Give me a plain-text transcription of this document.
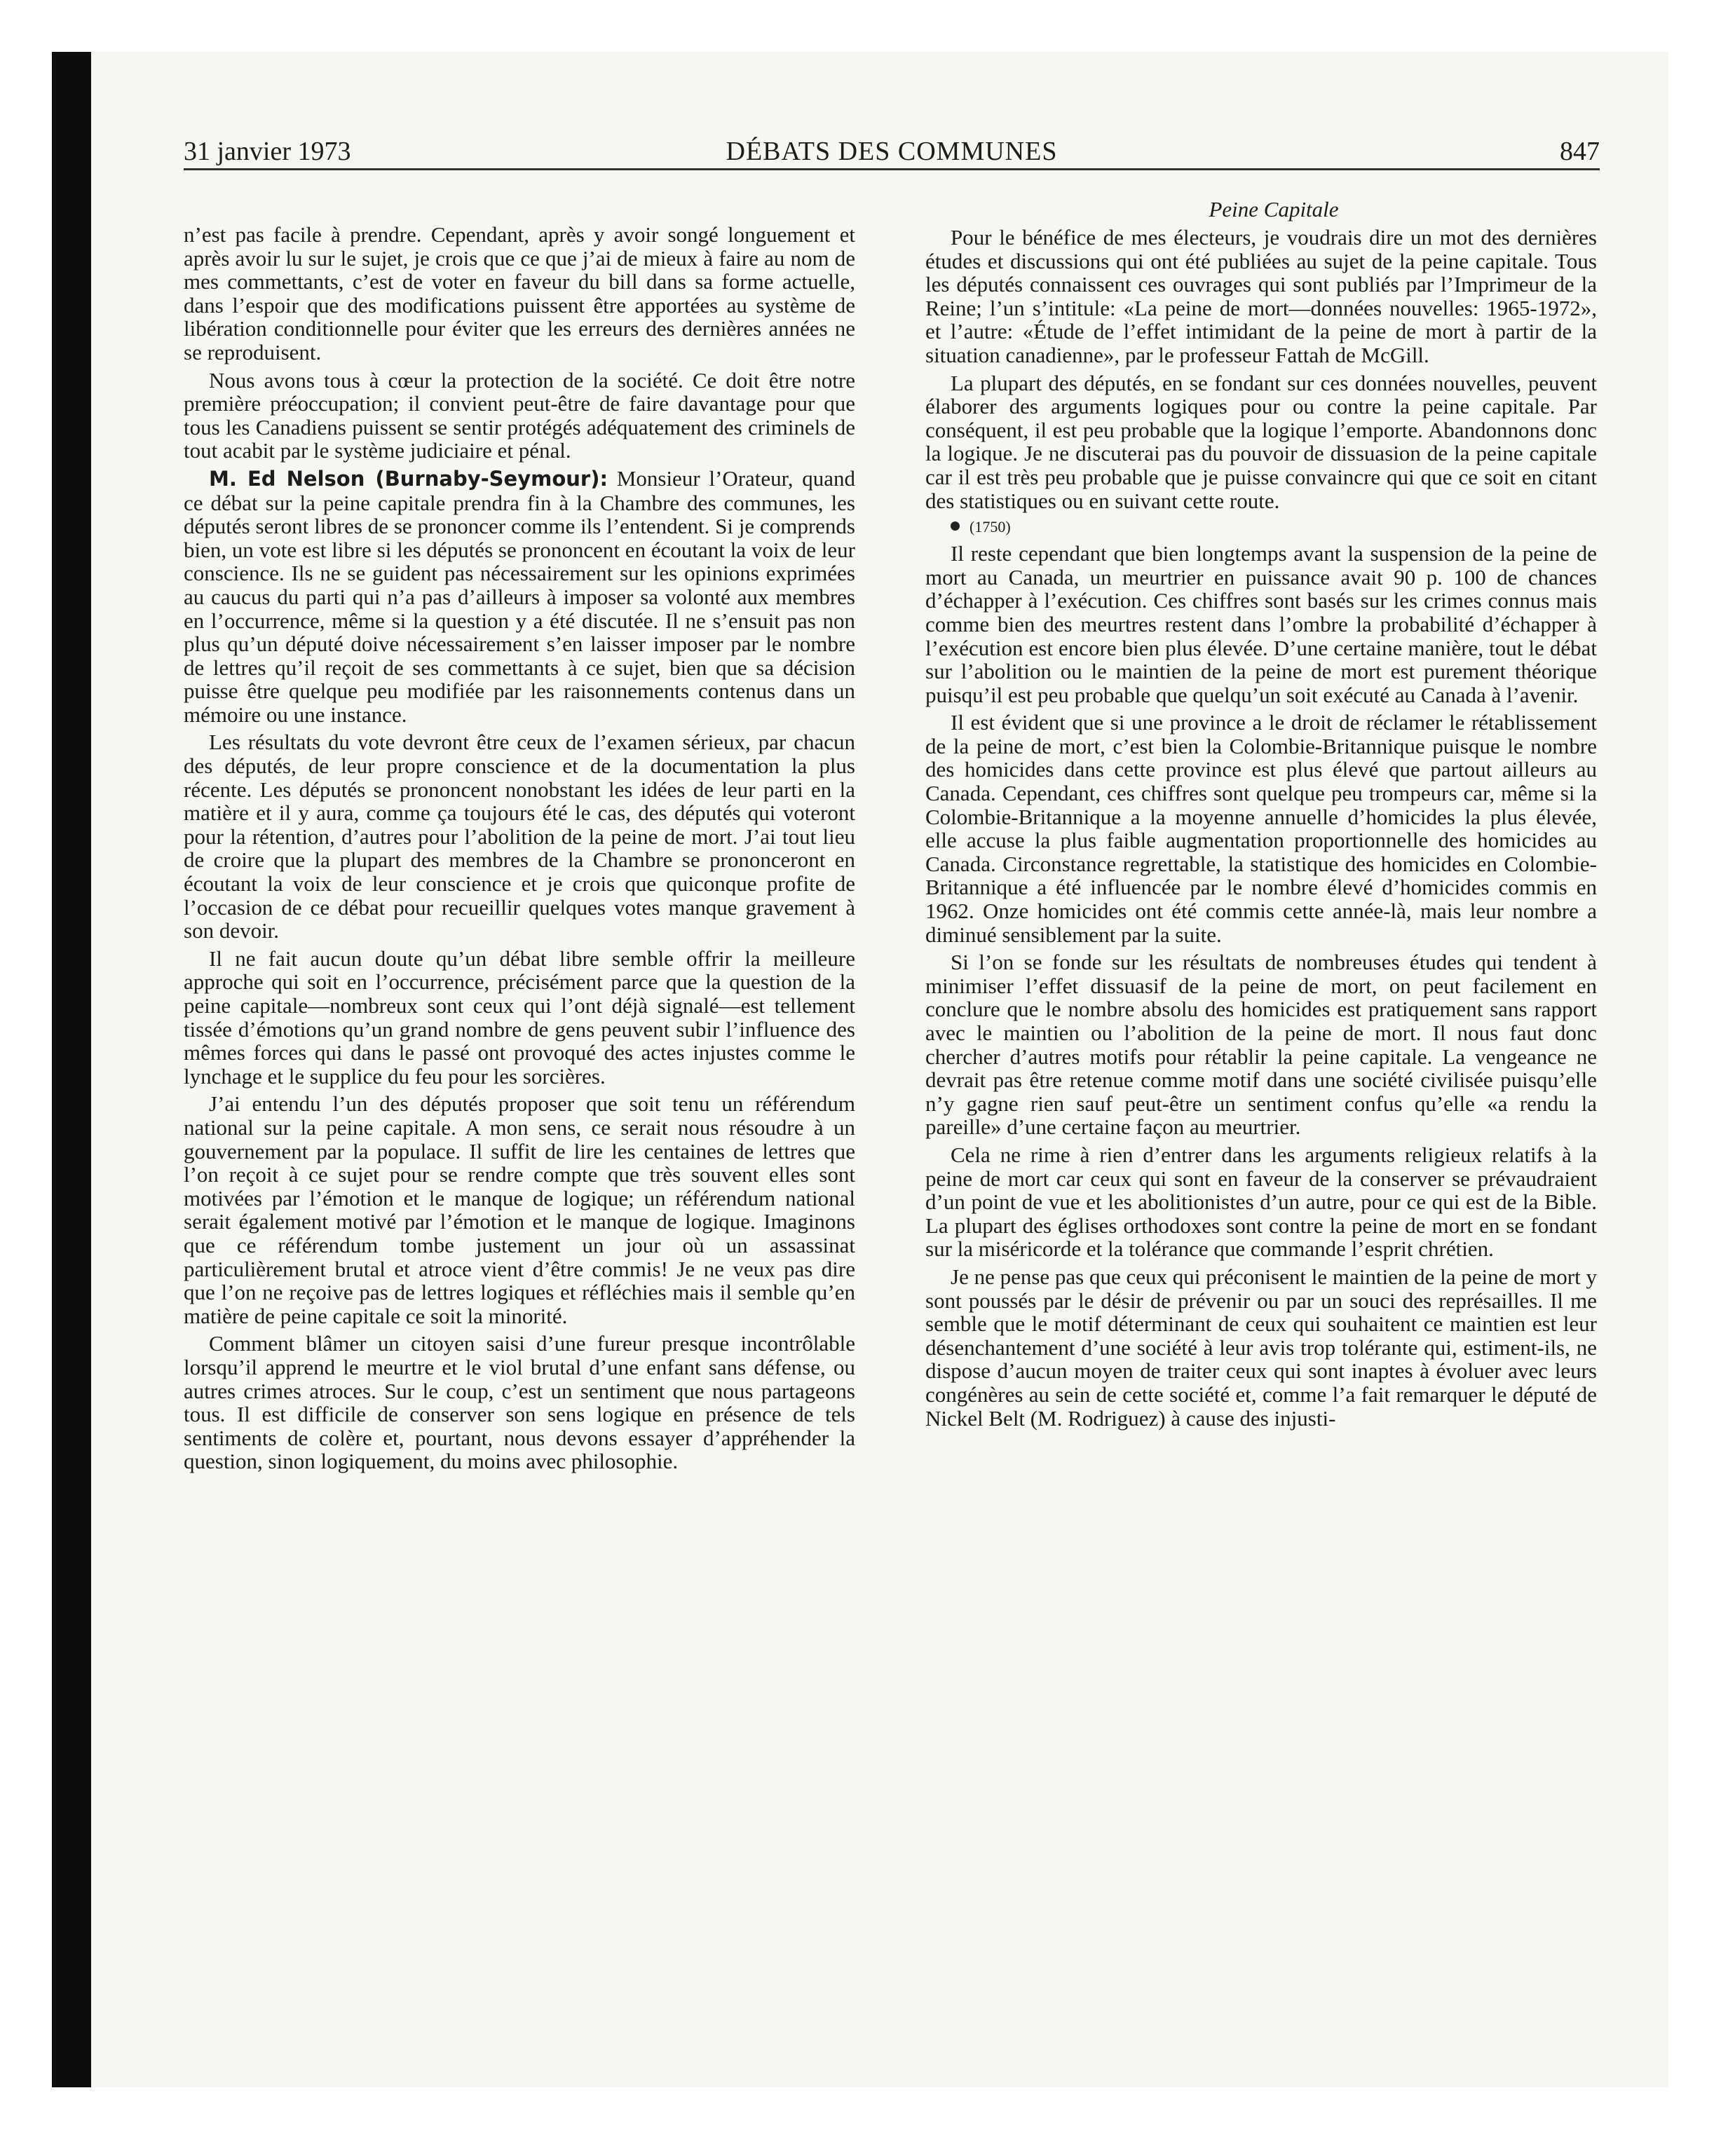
31 janvier 1973	DÉBATS DES COMMUNES	847

n’est pas facile à prendre. Cependant, après y avoir songé longuement et après avoir lu sur le sujet, je crois que ce que j’ai de mieux à faire au nom de mes commettants, c’est de voter en faveur du bill dans sa forme actuelle, dans l’espoir que des modifications puissent être apportées au système de libération conditionnelle pour éviter que les erreurs des dernières années ne se reproduisent.

Nous avons tous à cœur la protection de la société. Ce doit être notre première préoccupation; il convient peut-être de faire davantage pour que tous les Canadiens puissent se sentir protégés adéquatement des criminels de tout acabit par le système judiciaire et pénal.

M. Ed Nelson (Burnaby-Seymour): Monsieur l’Orateur, quand ce débat sur la peine capitale prendra fin à la Chambre des communes, les députés seront libres de se prononcer comme ils l’entendent. Si je comprends bien, un vote est libre si les députés se prononcent en écoutant la voix de leur conscience. Ils ne se guident pas nécessairement sur les opinions exprimées au caucus du parti qui n’a pas d’ailleurs à imposer sa volonté aux membres en l’occurrence, même si la question y a été discutée. Il ne s’ensuit pas non plus qu’un député doive nécessairement s’en laisser imposer par le nombre de lettres qu’il reçoit de ses commettants à ce sujet, bien que sa décision puisse être quelque peu modifiée par les raisonnements contenus dans un mémoire ou une instance.

Les résultats du vote devront être ceux de l’examen sérieux, par chacun des députés, de leur propre conscience et de la documentation la plus récente. Les députés se prononcent nonobstant les idées de leur parti en la matière et il y aura, comme ça toujours été le cas, des députés qui voteront pour la rétention, d’autres pour l’abolition de la peine de mort. J’ai tout lieu de croire que la plupart des membres de la Chambre se prononceront en écoutant la voix de leur conscience et je crois que quiconque profite de l’occasion de ce débat pour recueillir quelques votes manque gravement à son devoir.

Il ne fait aucun doute qu’un débat libre semble offrir la meilleure approche qui soit en l’occurrence, précisément parce que la question de la peine capitale—nombreux sont ceux qui l’ont déjà signalé—est tellement tissée d’émotions qu’un grand nombre de gens peuvent subir l’influence des mêmes forces qui dans le passé ont provoqué des actes injustes comme le lynchage et le supplice du feu pour les sorcières.

J’ai entendu l’un des députés proposer que soit tenu un référendum national sur la peine capitale. A mon sens, ce serait nous résoudre à un gouvernement par la populace. Il suffit de lire les centaines de lettres que l’on reçoit à ce sujet pour se rendre compte que très souvent elles sont motivées par l’émotion et le manque de logique; un référendum national serait également motivé par l’émotion et le manque de logique. Imaginons que ce référendum tombe justement un jour où un assassinat particulièrement brutal et atroce vient d’être commis! Je ne veux pas dire que l’on ne reçoive pas de lettres logiques et réfléchies mais il semble qu’en matière de peine capitale ce soit la minorité.

Comment blâmer un citoyen saisi d’une fureur presque incontrôlable lorsqu’il apprend le meurtre et le viol brutal d’une enfant sans défense, ou autres crimes atroces. Sur le coup, c’est un sentiment que nous partageons tous. Il est difficile de conserver son sens logique en présence de tels sentiments de colère et, pourtant, nous devons essayer d’appréhender la question, sinon logiquement, du moins avec philosophie.

Peine Capitale

Pour le bénéfice de mes électeurs, je voudrais dire un mot des dernières études et discussions qui ont été publiées au sujet de la peine capitale. Tous les députés connaissent ces ouvrages qui sont publiés par l’Imprimeur de la Reine; l’un s’intitule: «La peine de mort—données nouvelles: 1965-1972», et l’autre: «Étude de l’effet intimidant de la peine de mort à partir de la situation canadienne», par le professeur Fattah de McGill.

La plupart des députés, en se fondant sur ces données nouvelles, peuvent élaborer des arguments logiques pour ou contre la peine capitale. Par conséquent, il est peu probable que la logique l’emporte. Abandonnons donc la logique. Je ne discuterai pas du pouvoir de dissuasion de la peine capitale car il est très peu probable que je puisse convaincre qui que ce soit en citant des statistiques ou en suivant cette route.

(1750)

Il reste cependant que bien longtemps avant la suspension de la peine de mort au Canada, un meurtrier en puissance avait 90 p. 100 de chances d’échapper à l’exécution. Ces chiffres sont basés sur les crimes connus mais comme bien des meurtres restent dans l’ombre la probabilité d’échapper à l’exécution est encore bien plus élevée. D’une certaine manière, tout le débat sur l’abolition ou le maintien de la peine de mort est purement théorique puisqu’il est peu probable que quelqu’un soit exécuté au Canada à l’avenir.

Il est évident que si une province a le droit de réclamer le rétablissement de la peine de mort, c’est bien la Colombie-Britannique puisque le nombre des homicides dans cette province est plus élevé que partout ailleurs au Canada. Cependant, ces chiffres sont quelque peu trompeurs car, même si la Colombie-Britannique a la moyenne annuelle d’homicides la plus élevée, elle accuse la plus faible augmentation proportionnelle des homicides au Canada. Circonstance regrettable, la statistique des homicides en Colombie-Britannique a été influencée par le nombre élevé d’homicides commis en 1962. Onze homicides ont été commis cette année-là, mais leur nombre a diminué sensiblement par la suite.

Si l’on se fonde sur les résultats de nombreuses études qui tendent à minimiser l’effet dissuasif de la peine de mort, on peut facilement en conclure que le nombre absolu des homicides est pratiquement sans rapport avec le maintien ou l’abolition de la peine de mort. Il nous faut donc chercher d’autres motifs pour rétablir la peine capitale. La vengeance ne devrait pas être retenue comme motif dans une société civilisée puisqu’elle n’y gagne rien sauf peut-être un sentiment confus qu’elle «a rendu la pareille» d’une certaine façon au meurtrier.

Cela ne rime à rien d’entrer dans les arguments religieux relatifs à la peine de mort car ceux qui sont en faveur de la conserver se prévaudraient d’un point de vue et les abolitionistes d’un autre, pour ce qui est de la Bible. La plupart des églises orthodoxes sont contre la peine de mort en se fondant sur la miséricorde et la tolérance que commande l’esprit chrétien.

Je ne pense pas que ceux qui préconisent le maintien de la peine de mort y sont poussés par le désir de prévenir ou par un souci des représailles. Il me semble que le motif déterminant de ceux qui souhaitent ce maintien est leur désenchantement d’une société à leur avis trop tolérante qui, estiment-ils, ne dispose d’aucun moyen de traiter ceux qui sont inaptes à évoluer avec leurs congénères au sein de cette société et, comme l’a fait remarquer le député de Nickel Belt (M. Rodriguez) à cause des injusti-
